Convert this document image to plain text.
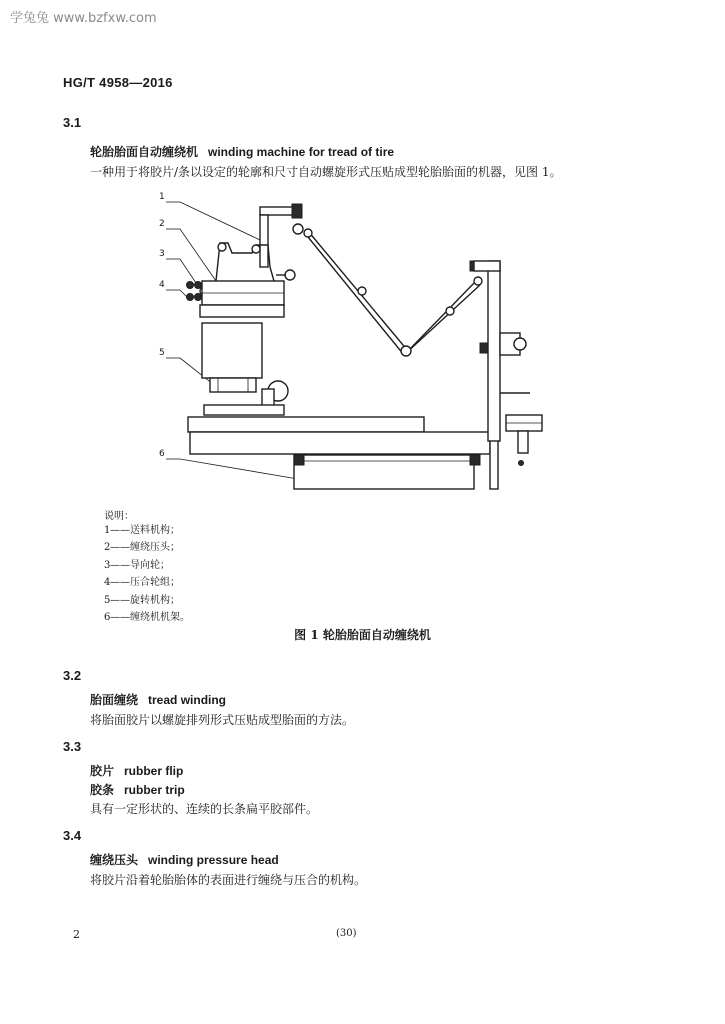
学兔兔 www.bzfxw.com
HG/T 4958—2016
3.1
轮胎胎面自动缠绕机 winding machine for tread of tire
一种用于将胶片/条以设定的轮廓和尺寸自动螺旋形式压贴成型轮胎胎面的机器，见图 1。
1
2
3
4
5
6
说明：
1——送料机构；
2——缠绕压头；
3——导向轮；
4——压合轮组；
5——旋转机构；
6——缠绕机机架。
图 1 轮胎胎面自动缠绕机
3.2
胎面缠绕 tread winding
将胎面胶片以螺旋排列形式压贴成型胎面的方法。
3.3
胶片 rubber flip
胶条 rubber trip
具有一定形状的、连续的长条扁平胶部件。
3.4
缠绕压头 winding pressure head
将胶片沿着轮胎胎体的表面进行缠绕与压合的机构。
2	(30)
